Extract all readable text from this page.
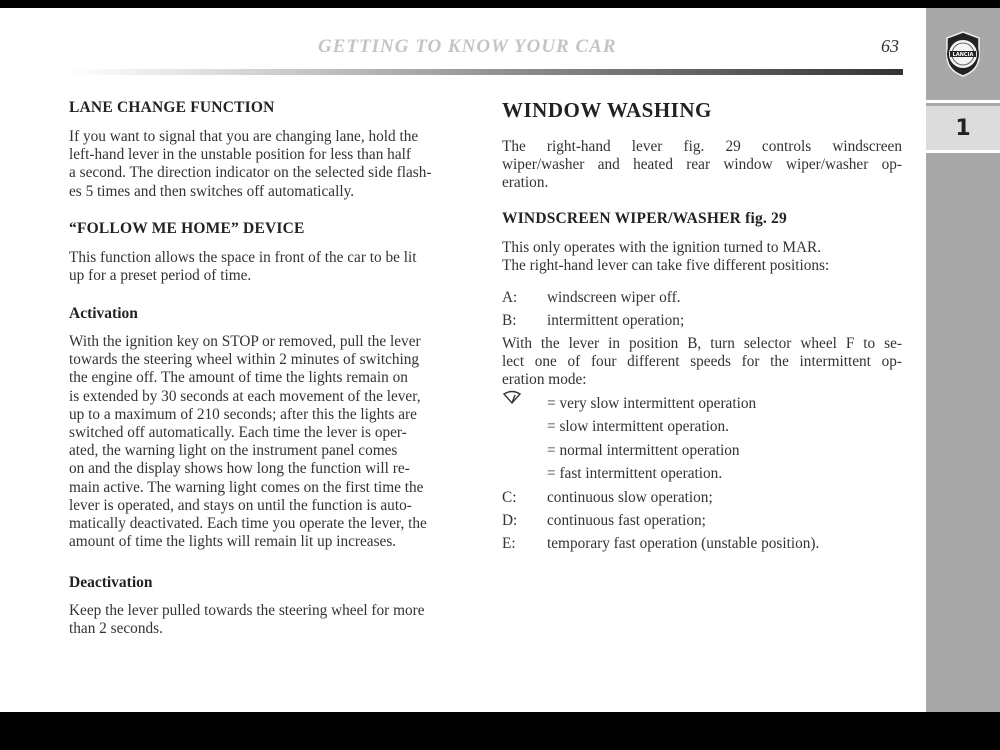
GETTING TO KNOW YOUR CAR	63
LANE CHANGE FUNCTION
If you want to signal that you are changing lane, hold the
left-hand lever in the unstable position for less than half
a second. The direction indicator on the selected side flash-
es 5 times and then switches off automatically.
“FOLLOW ME HOME” DEVICE
This function allows the space in front of the car to be lit
up for a preset period of time.
Activation
With the ignition key on STOP or removed, pull the lever
towards the steering wheel within 2 minutes of switching
the engine off. The amount of time the lights remain on
is extended by 30 seconds at each movement of the lever,
up to a maximum of 210 seconds; after this the lights are
switched off automatically. Each time the lever is oper-
ated, the warning light on the instrument panel comes
on and the display shows how long the function will re-
main active. The warning light comes on the first time the
lever is operated, and stays on until the function is auto-
matically deactivated. Each time you operate the lever, the
amount of time the lights will remain lit up increases.
Deactivation
Keep the lever pulled towards the steering wheel for more
than 2 seconds.
WINDOW WASHING
The right-hand lever fig. 29 controls windscreen
wiper/washer and heated rear window wiper/washer op-
eration.
WINDSCREEN WIPER/WASHER fig. 29
This only operates with the ignition turned to MAR.
The right-hand lever can take five different positions:
A: windscreen wiper off.
B: intermittent operation;
With the lever in position B, turn selector wheel F to se-
lect one of four different speeds for the intermittent op-
eration mode:
= very slow intermittent operation
= slow intermittent operation.
= normal intermittent operation
= fast intermittent operation.
C: continuous slow operation;
D: continuous fast operation;
E: temporary fast operation (unstable position).
LANCIA
1
